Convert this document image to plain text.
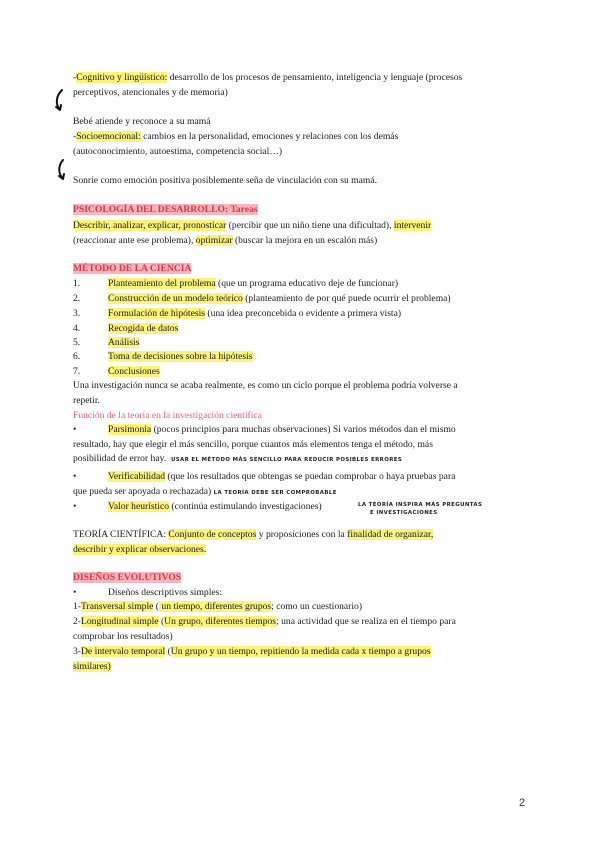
-Cognitivo y lingüístico: desarrollo de los procesos de pensamiento, inteligencia y lenguaje (procesos
perceptivos, atencionales y de memoria)
Bebé atiende y reconoce a su mamá
-Socioemocional: cambios en la personalidad, emociones y relaciones con los demás
(autoconocimiento, autoestima, competencia social…)
Sonríe como emoción positiva posiblemente seña de vinculación con su mamá.
PSICOLOGÍA DEL DESARROLLO: Tareas
Describir, analizar, explicar, pronosticar (percibir que un niño tiene una dificultad), intervenir
(reaccionar ante ese problema), optimizar (buscar la mejora en un escalón más)
MÉTODO DE LA CIENCIA
1.	Planteamiento del problema (que un programa educativo deje de funcionar)
2.	Construcción de un modelo teórico (planteamiento de por qué puede ocurrir el problema)
3.	Formulación de hipótesis (una idea preconcebida o evidente a primera vista)
4.	Recogida de datos
5.	Análisis
6.	Toma de decisiones sobre la hipótesis
7.	Conclusiones
Una investigación nunca se acaba realmente, es como un ciclo porque el problema podría volverse a
repetir.
Función de la teoría en la investigación científica
•	Parsimonia (pocos principios para muchas observaciones) Si varios métodos dan el mismo
resultado, hay que elegir el más sencillo, porque cuantos más elementos tenga el método, más
posibilidad de error hay. USAR EL MÉTODO MÁS SENCILLO PARA REDUCIR POSIBLES ERRORES
•	Verificabilidad (que los resultados que obtengas se puedan comprobar o haya pruebas para
que pueda ser apoyada o rechazada) LA TEORÍA DEBE SER COMPROBABLE
•	Valor heurístico (continúa estimulando investigaciones)	LA TEORÍA INSPIRA MÁS PREGUNTAS
E INVESTIGACIONES
TEORÍA CIENTÍFICA: Conjunto de conceptos y proposiciones con la finalidad de organizar,
describir y explicar observaciones.
DISEÑOS EVOLUTIVOS
•	Diseños descriptivos simples:
1-Transversal simple ( un tiempo, diferentes grupos; como un cuestionario)
2-Longitudinal simple (Un grupo, diferentes tiempos; una actividad que se realiza en el tiempo para
comprobar los resultados)
3-De intervalo temporal (Un grupo y un tiempo, repitiendo la medida cada x tiempo a grupos
similares)
2
